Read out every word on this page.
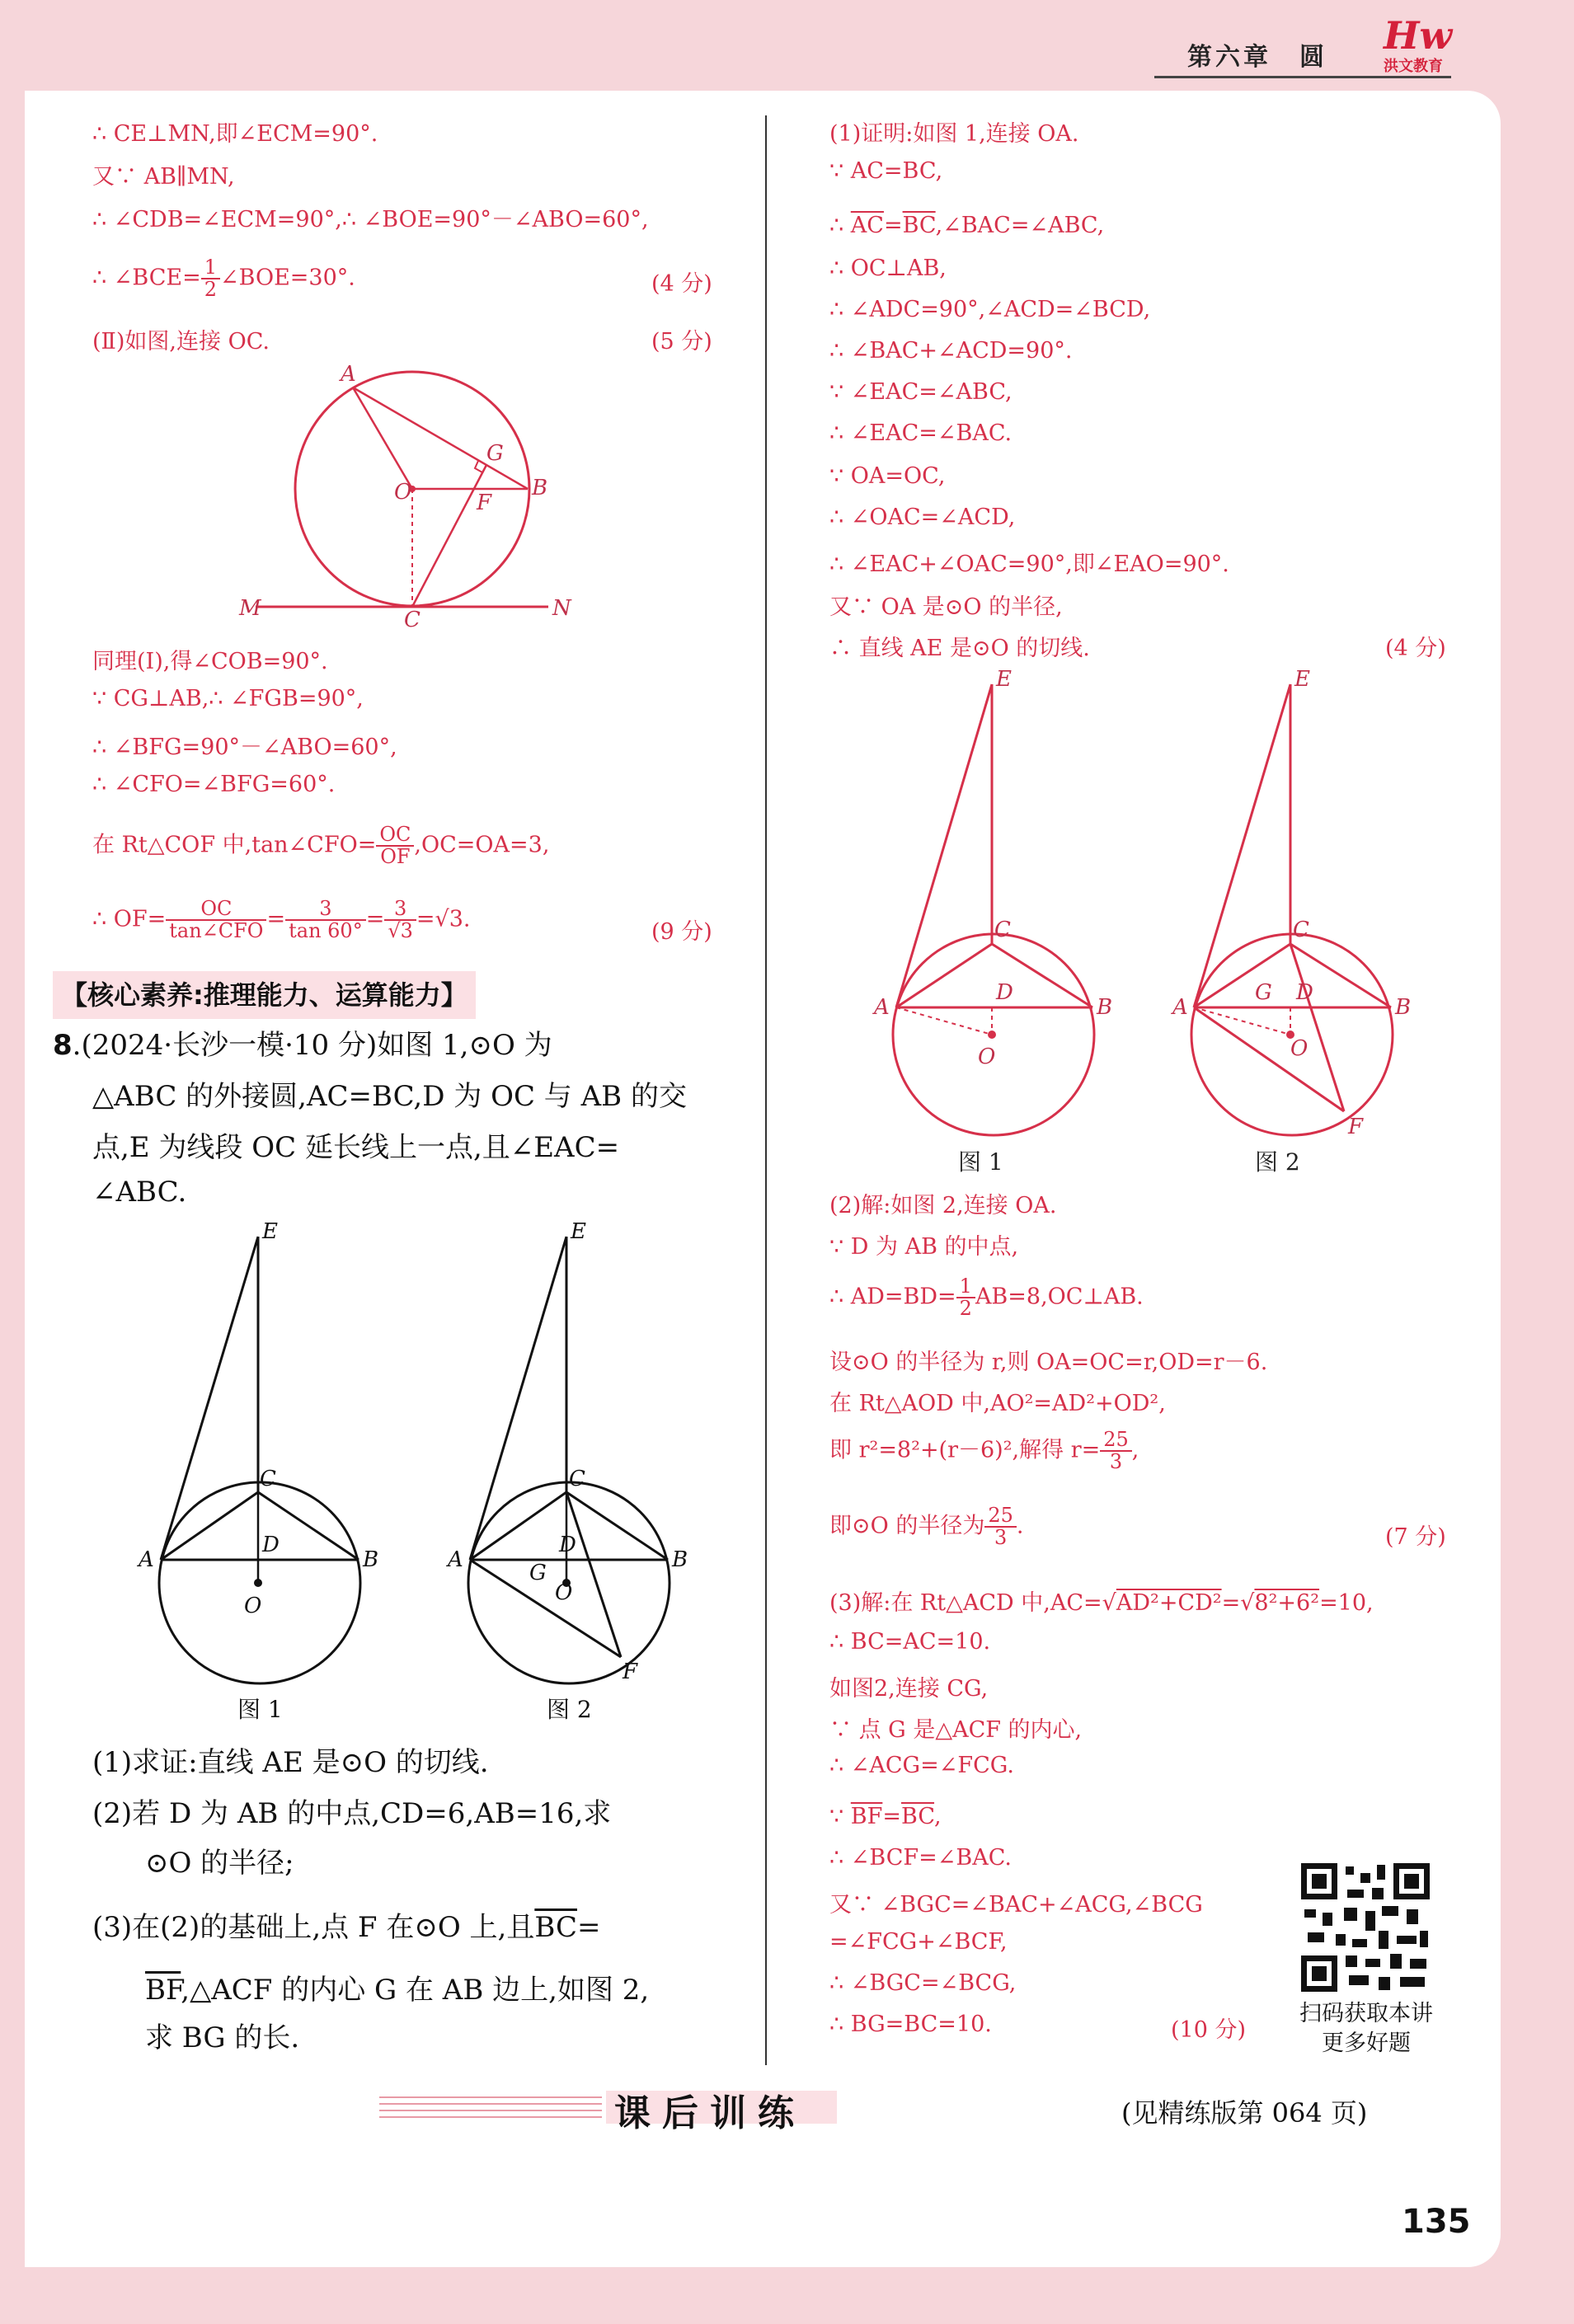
第六章　圆 Hw
洪文教育
∴ CE⊥MN,即∠ECM=90°.
又∵ AB∥MN,
∴ ∠CDB=∠ECM=90°,∴ ∠BOE=90°－∠ABO=60°,
∴ ∠BCE= $\frac{1}{2}$ ∠BOE=30°.	(4 分)
(Ⅱ)如图,连接 OC.	(5 分)
A
B
G
O	F
C
M	N
同理(Ⅰ),得∠COB=90°.
∵ CG⊥AB,∴ ∠FGB=90°,
∴ ∠BFG=90°－∠ABO=60°,
∴ ∠CFO=∠BFG=60°.
在 Rt△COF 中,tan∠CFO= $\frac{OC}{OF} ,OC=OA=3$,
∴ $OF= \frac{OC}{\text{tan∠CFO}} = \frac{3}{\tan 60^\circ} = \frac{3}{√3} =√3$.	(9 分)
【核心素养:推理能力、运算能力】
8.(2024·长沙一模·10 分)如图 1,⊙O 为
△ABC 的外接圆,AC=BC,D 为 OC 与 AB 的交
点,E 为线段 OC 延长线上一点,且∠EAC=
∠ABC.
E
C
D
A	B
O
E
C
D
G
A	B
O
F
图 1	图 2
(1)求证:直线 AE 是⊙O 的切线.
(2)若 D 为 AB 的中点,CD=6,AB=16,求
⊙O 的半径;
(3)在(2)的基础上,点 F 在⊙O 上,且$\overline{BC}=$
$\overline{BF},\triangle ACF$ 的内心 G 在 AB 边上,如图 2,
求 BG 的长.
(1)证明:如图 1,连接 OA.
∵ AC=BC,
∴ $\overline{AC}=\overline{BC},\angle BAC=\angle ABC$,
∴ OC⊥AB,
∴ ∠ADC=90°,∠ACD=∠BCD,
∴ ∠BAC+∠ACD=90°.
∵ ∠EAC=∠ABC,
∴ ∠EAC=∠BAC.
∵ OA=OC,
∴ ∠OAC=∠ACD,
∴ ∠EAC+∠OAC=90°,即∠EAO=90°.
又∵ OA 是⊙O 的半径,
∴ 直线 AE 是⊙O 的切线.	(4 分)
E
C
D
A	B
O
E
C
D
G
A	B
O
F
图 1	图 2
(2)解:如图 2,连接 OA.
∵ D 为 AB 的中点,
∴ $AD=BD= \frac{1}{2}$ AB=8,OC⊥AB.
设⊙O 的半径为 r,则 OA=OC=r,OD=r－6.
在 Rt△AOD 中,AO²=AD²+OD²,
即 r²=8²+(r－6)²,解得 $r= \frac{25}{3}$ ,
即⊙O 的半径为 $\frac{25}{3}$ .	(7 分)
(3)解:在 Rt△ACD 中,AC=√AD²+CD²=√8²+6²=10,
∴ BC=AC=10.
如图2,连接 CG,
∵ 点 G 是△ACF 的内心,
∴ ∠ACG=∠FCG.
∵ $\overline{BF}=\overline{BC}$,
∴ ∠BCF=∠BAC.
又∵ ∠BGC=∠BAC+∠ACG,∠BCG
=∠FCG+∠BCF,
∴ ∠BGC=∠BCG,
∴ BG=BC=10.	(10 分)
扫码获取本讲
更多好题
课后训练	(见精练版第 064 页)
135
